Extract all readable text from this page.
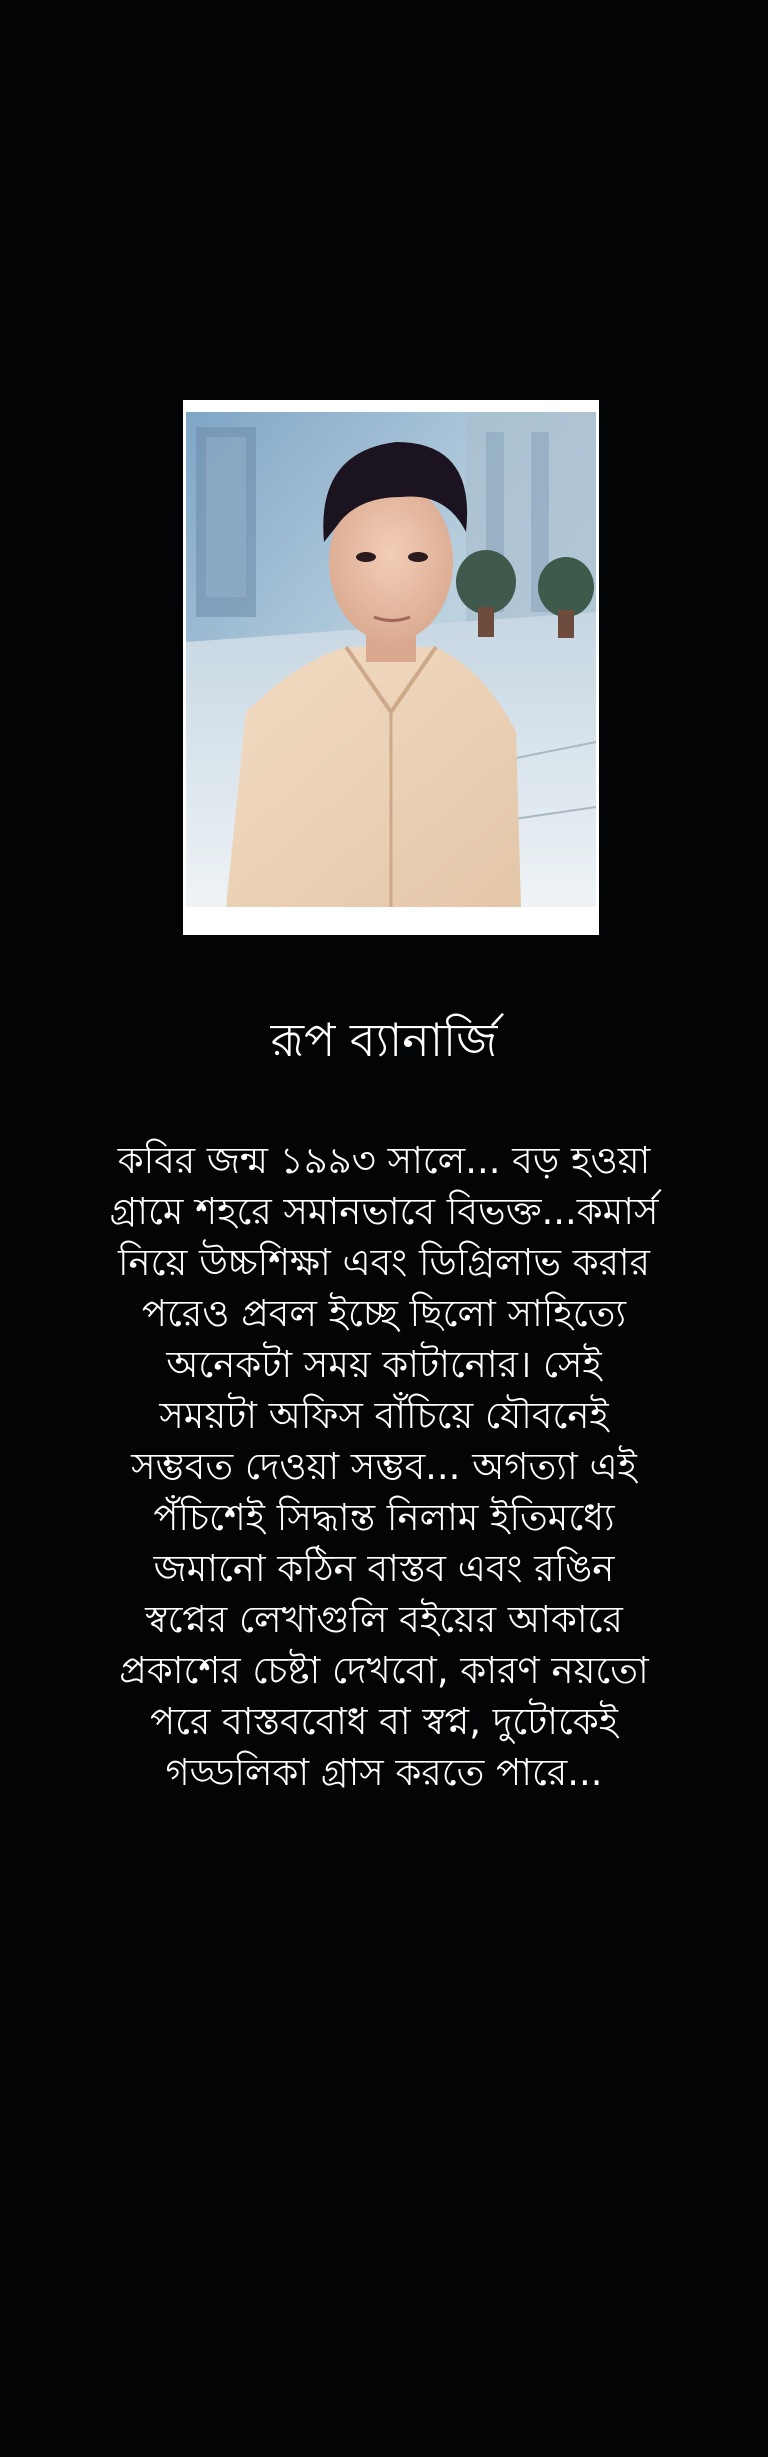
রূপ ব্যানার্জি
কবির জন্ম ১৯৯৩ সালে... বড় হওয়া
গ্রামে শহরে সমানভাবে বিভক্ত...কমার্স
নিয়ে উচ্চশিক্ষা এবং ডিগ্রিলাভ করার
পরেও প্রবল ইচ্ছে ছিলো সাহিত্যে
অনেকটা সময় কাটানোর। সেই
সময়টা অফিস বাঁচিয়ে যৌবনেই
সম্ভবত দেওয়া সম্ভব... অগত্যা এই
পঁচিশেই সিদ্ধান্ত নিলাম ইতিমধ্যে
জমানো কঠিন বাস্তব এবং রঙিন
স্বপ্নের লেখাগুলি বইয়ের আকারে
প্রকাশের চেষ্টা দেখবো, কারণ নয়তো
পরে বাস্তববোধ বা স্বপ্ন, দুটোকেই
গড্ডলিকা গ্রাস করতে পারে...
